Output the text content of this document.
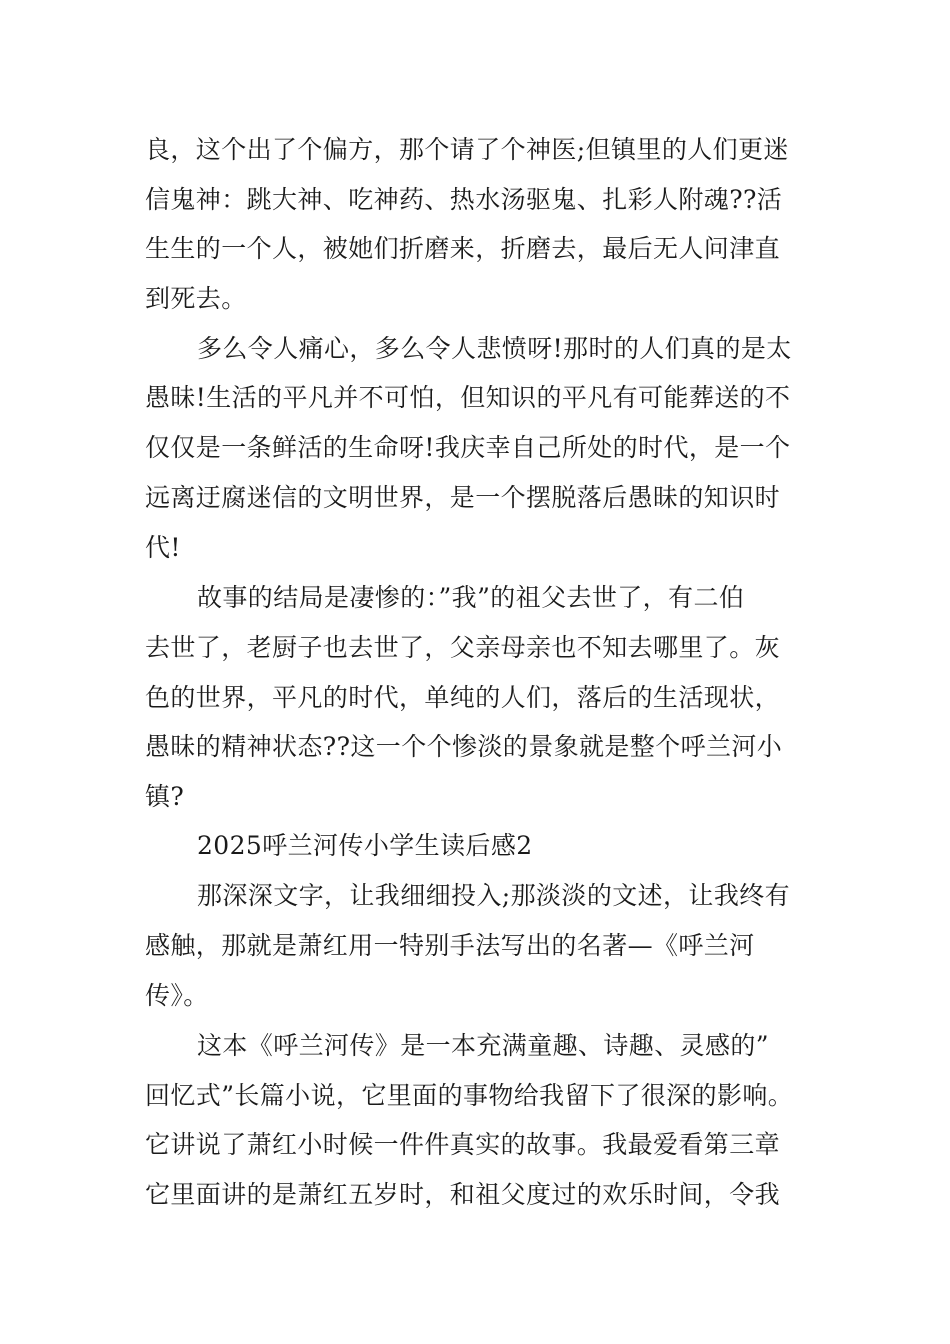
良，这个出了个偏方，那个请了个神医;但镇里的人们更迷
信鬼神：跳大神、吃神药、热水汤驱鬼、扎彩人附魂??活
生生的一个人，被她们折磨来，折磨去，最后无人问津直
到死去。
多么令人痛心，多么令人悲愤呀!那时的人们真的是太
愚昧!生活的平凡并不可怕，但知识的平凡有可能葬送的不
仅仅是一条鲜活的生命呀!我庆幸自己所处的时代，是一个
远离迂腐迷信的文明世界，是一个摆脱落后愚昧的知识时
代!
故事的结局是凄惨的：”我”的祖父去世了，有二伯
去世了，老厨子也去世了，父亲母亲也不知去哪里了。灰
色的世界，平凡的时代，单纯的人们，落后的生活现状，
愚昧的精神状态??这一个个惨淡的景象就是整个呼兰河小
镇?
2025呼兰河传小学生读后感2
那深深文字，让我细细投入;那淡淡的文述，让我终有
感触，那就是萧红用一特别手法写出的名著—《呼兰河
传》。
这本《呼兰河传》是一本充满童趣、诗趣、灵感的”
回忆式”长篇小说，它里面的事物给我留下了很深的影响。
它讲说了萧红小时候一件件真实的故事。我最爱看第三章
它里面讲的是萧红五岁时，和祖父度过的欢乐时间，令我
